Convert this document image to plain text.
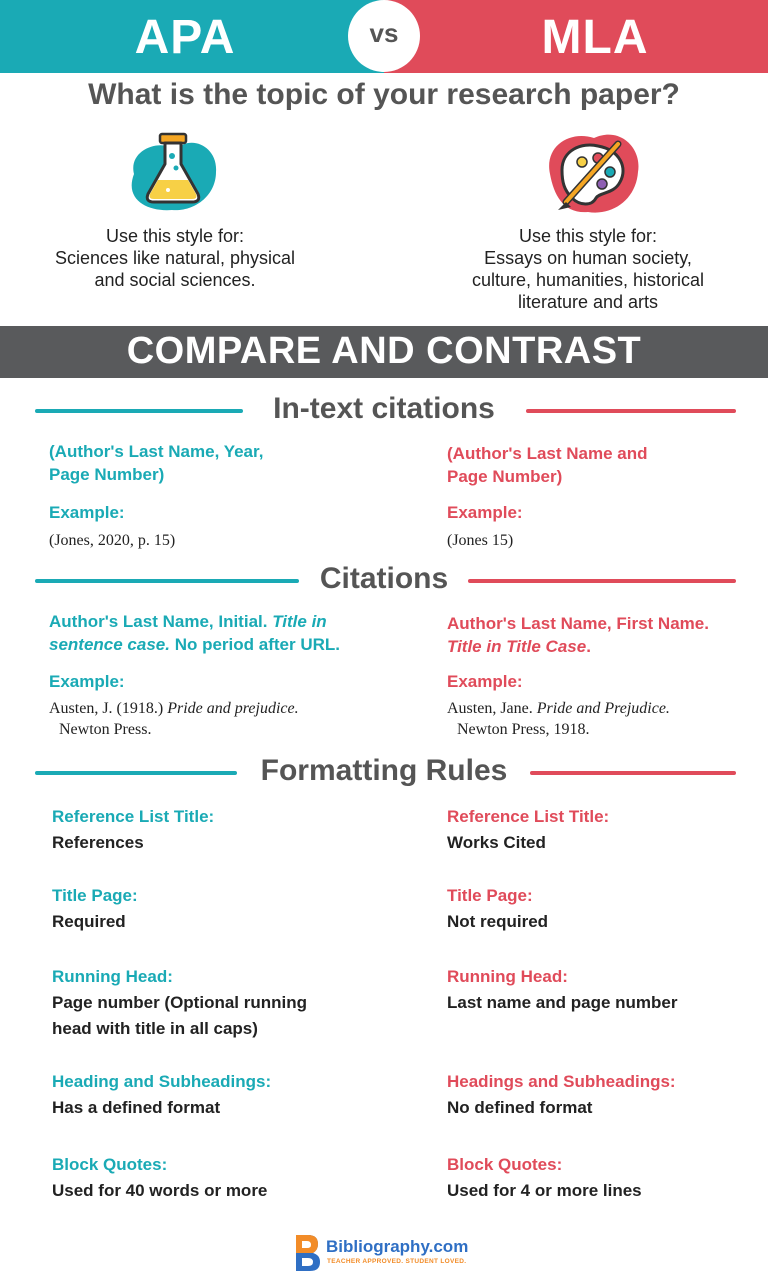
APA	MLA
vs
What is the topic of your research paper?
Use this style for:
Sciences like natural, physical
and social sciences.
Use this style for:
Essays on human society,
culture, humanities, historical
literature and arts
COMPARE AND CONTRAST
In-text citations
(Author's Last Name, Year,
Page Number)
Example:
(Jones, 2020, p. 15)
(Author's Last Name and
Page Number)
Example:
(Jones 15)
Citations
Author's Last Name, Initial. Title in
sentence case. No period after URL.
Example:
Austen, J. (1918.) Pride and prejudice.
Newton Press.
Author's Last Name, First Name.
Title in Title Case.
Example:
Austen, Jane. Pride and Prejudice.
Newton Press, 1918.
Formatting Rules
Reference List Title:
References
Title Page:
Required
Running Head:
Page number (Optional running
head with title in all caps)
Heading and Subheadings:
Has a defined format
Block Quotes:
Used for 40 words or more
Reference List Title:
Works Cited
Title Page:
Not required
Running Head:
Last name and page number
Headings and Subheadings:
No defined format
Block Quotes:
Used for 4 or more lines
Bibliography.com
TEACHER APPROVED. STUDENT LOVED.
